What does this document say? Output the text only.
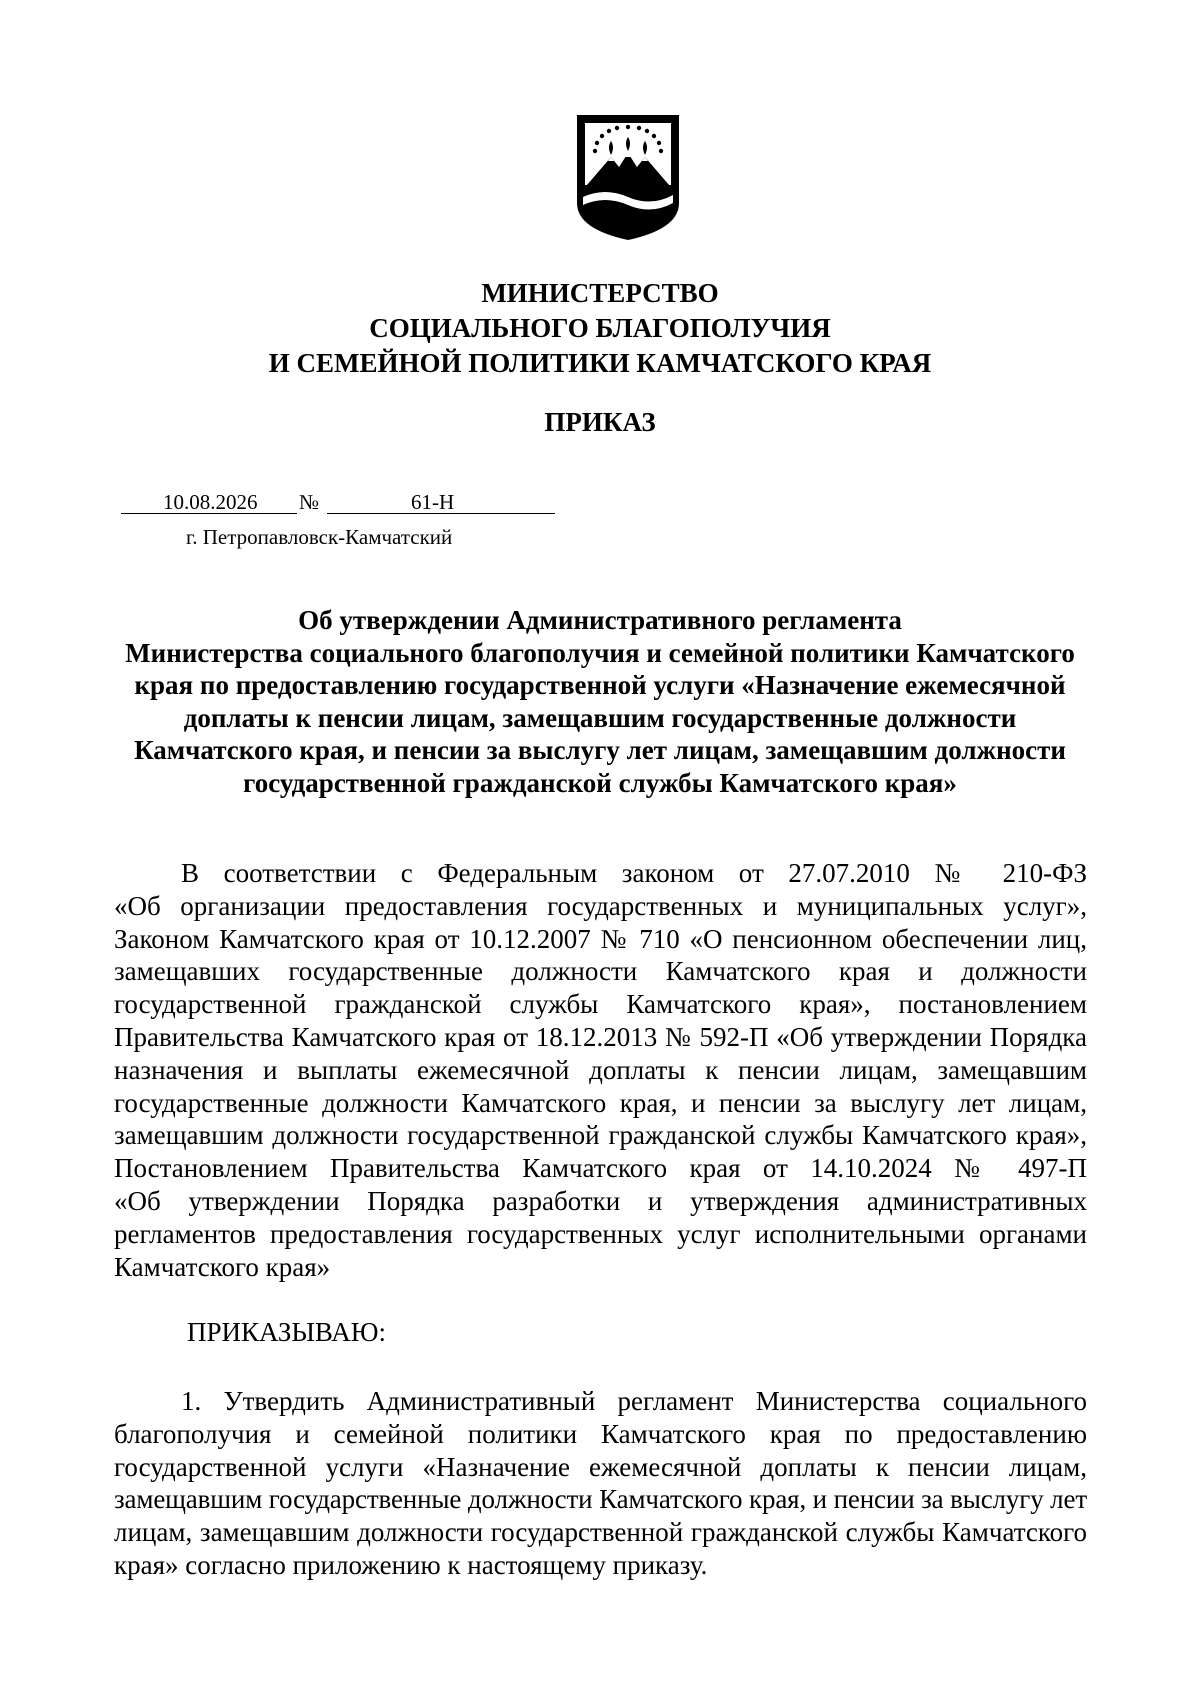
МИНИСТЕРСТВО
СОЦИАЛЬНОГО БЛАГОПОЛУЧИЯ
И СЕМЕЙНОЙ ПОЛИТИКИ КАМЧАТСКОГО КРАЯ
ПРИКАЗ
10.08.2026 №	61-Н
г. Петропавловск-Камчатский
Об утверждении Административного регламента
Министерства социального благополучия и семейной политики Камчатского
края по предоставлению государственной услуги «Назначение ежемесячной
доплаты к пенсии лицам, замещавшим государственные должности
Камчатского края, и пенсии за выслугу лет лицам, замещавшим должности
государственной гражданской службы Камчатского края»
В соответствии с Федеральным законом от 27.07.2010 № 210-ФЗ
«Об организации предоставления государственных и муниципальных услуг»,
Законом Камчатского края от 10.12.2007 № 710 «О пенсионном обеспечении лиц,
замещавших государственные должности Камчатского края и должности
государственной гражданской службы Камчатского края», постановлением
Правительства Камчатского края от 18.12.2013 № 592-П «Об утверждении Порядка
назначения и выплаты ежемесячной доплаты к пенсии лицам, замещавшим
государственные должности Камчатского края, и пенсии за выслугу лет лицам,
замещавшим должности государственной гражданской службы Камчатского края»,
Постановлением Правительства Камчатского края от 14.10.2024 № 497-П
«Об утверждении Порядка разработки и утверждения административных
регламентов предоставления государственных услуг исполнительными органами
Камчатского края»
ПРИКАЗЫВАЮ:
1. Утвердить Административный регламент Министерства социального
благополучия и семейной политики Камчатского края по предоставлению
государственной услуги «Назначение ежемесячной доплаты к пенсии лицам,
замещавшим государственные должности Камчатского края, и пенсии за выслугу лет
лицам, замещавшим должности государственной гражданской службы Камчатского
края» согласно приложению к настоящему приказу.
